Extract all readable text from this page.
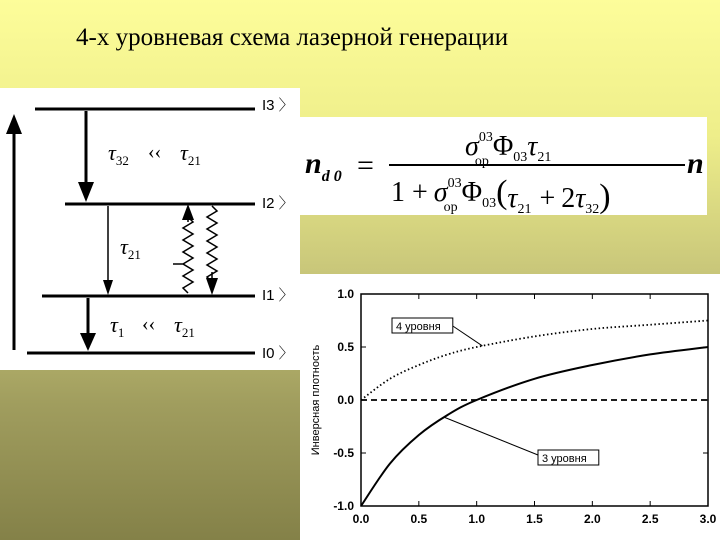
4-х уровневая схема лазерной генерации
$\tau_{32}$ ‹‹ $\tau_{21}$
$\tau_{21}$
$\tau_1$ ‹‹ $\tau_{21}$
I3 〉
I2 〉
I1 〉
I0 〉
$n_{d 0}$ =
$\sigma^{03}$ op $\Phi_{03}\tau_{21}$
$1 + \sigma^{03}$ op $\Phi_{03}(\tau_{21} + 2\tau_{32})$
n
0.0	0.5	1.0	1.5	2.0	2.5	3.0
1.0
0.5
0.0
-0.5
-1.0
Инверсная плотность
4 уровня
3 уровня
